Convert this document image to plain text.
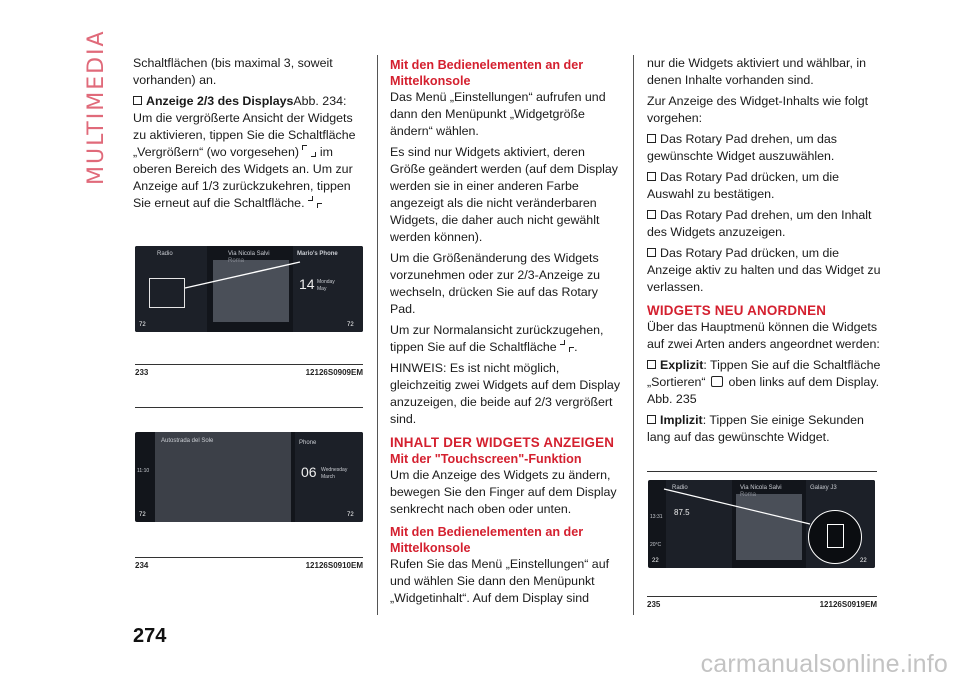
MULTIMEDIA Schaltflächen (bis maximal 3, soweit vorhanden) an.

Anzeige 2/3 des DisplaysAbb. 234: Um die vergrößerte Ansicht der Widgets zu aktivieren, tippen Sie die Schaltfläche „Vergrößern“ (wo vorgesehen) im oberen Bereich des Widgets an. Um zur Anzeige auf 1/3 zurückzukehren, tippen Sie erneut auf die Schaltfläche.

Radio	Via Nicola Salvi
Roma
Mario's Phone
14 Monday
May
72	72
233	12126S0909EM
Autostrada del Sole	Phone
06 Wednesday
March
11:10
72	72
234	12126S0910EM
274
Mit den Bedienelementen an der Mittelkonsole

Das Menü „Einstellungen“ aufrufen und dann den Menüpunkt „Widgetgröße ändern“ wählen.

Es sind nur Widgets aktiviert, deren Größe geändert werden (auf dem Display werden sie in einer anderen Farbe angezeigt als die nicht veränderbaren Widgets, die daher auch nicht gewählt werden können).

Um die Größenänderung des Widgets vorzunehmen oder zur 2/3-Anzeige zu wechseln, drücken Sie auf das Rotary Pad.

Um zur Normalansicht zurückzugehen, tippen Sie auf die Schaltfläche .

HINWEIS: Es ist nicht möglich, gleichzeitig zwei Widgets auf dem Display anzuzeigen, die beide auf 2/3 vergrößert sind.

INHALT DER WIDGETS ANZEIGEN
Mit der "Touchscreen"-Funktion

Um die Anzeige des Widgets zu ändern, bewegen Sie den Finger auf dem Display senkrecht nach oben oder unten.

Mit den Bedienelementen an der Mittelkonsole

Rufen Sie das Menü „Einstellungen“ auf und wählen Sie dann den Menüpunkt „Widgetinhalt“. Auf dem Display sind

nur die Widgets aktiviert und wählbar, in denen Inhalte vorhanden sind.

Zur Anzeige des Widget-Inhalts wie folgt vorgehen:

Das Rotary Pad drehen, um das gewünschte Widget auszuwählen.

Das Rotary Pad drücken, um die Auswahl zu bestätigen.

Das Rotary Pad drehen, um den Inhalt des Widgets anzuzeigen.

Das Rotary Pad drücken, um die Anzeige aktiv zu halten und das Widget zu verlassen.

WIDGETS NEU ANORDNEN

Über das Hauptmenü können die Widgets auf zwei Arten anders angeordnet werden:

Explizit: Tippen Sie auf die Schaltfläche „Sortieren“ oben links auf dem Display. Abb. 235

Implizit: Tippen Sie einige Sekunden lang auf das gewünschte Widget.

Radio
87.5
Via Nicola Salvi
Roma
Galaxy J3
13:31
20°C
22	22
235	12126S0919EM
carmanualsonline.info
